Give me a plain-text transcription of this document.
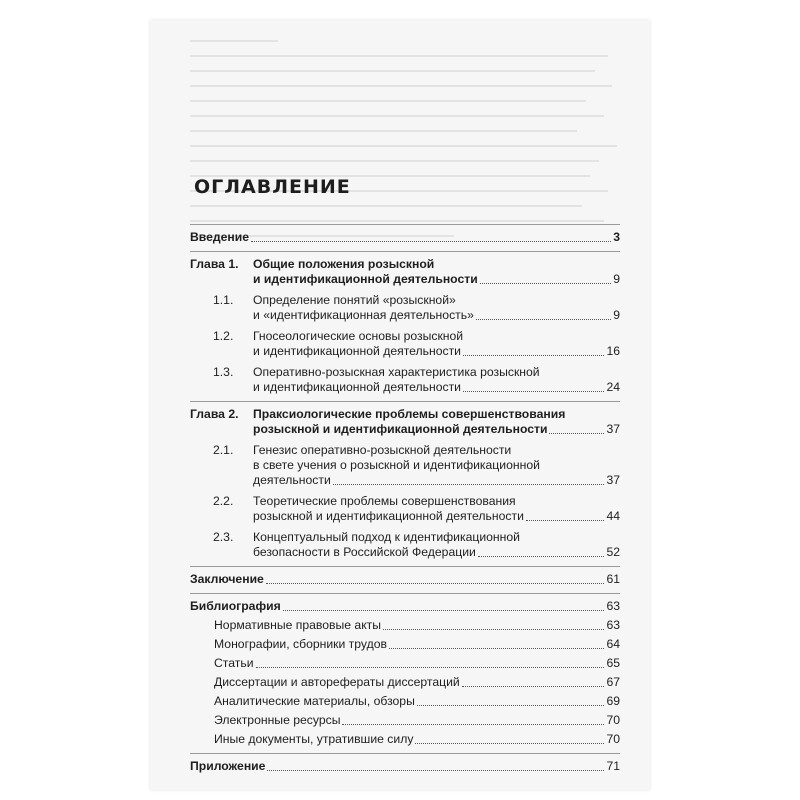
ОГЛАВЛЕНИЕ
Введение	3
Глава 1.	Общие положения розыскной
и идентификационной деятельности	9
1.1.	Определение понятий «розыскной»
и «идентификационная деятельность»	9
1.2.	Гносеологические основы розыскной
и идентификационной деятельности	16
1.3.	Оперативно-розыскная характеристика розыскной
и идентификационной деятельности	24
Глава 2.	Праксиологические проблемы совершенствования
розыскной и идентификационной деятельности	37
2.1.	Генезис оперативно-розыскной деятельности
в свете учения о розыскной и идентификационной
деятельности	37
2.2.	Теоретические проблемы совершенствования
розыскной и идентификационной деятельности	44
2.3.	Концептуальный подход к идентификационной
безопасности в Российской Федерации	52
Заключение	61
Библиография	63
Нормативные правовые акты	63
Монографии, сборники трудов	64
Статьи	65
Диссертации и авторефераты диссертаций	67
Аналитические материалы, обзоры	69
Электронные ресурсы	70
Иные документы, утратившие силу	70
Приложение	71
